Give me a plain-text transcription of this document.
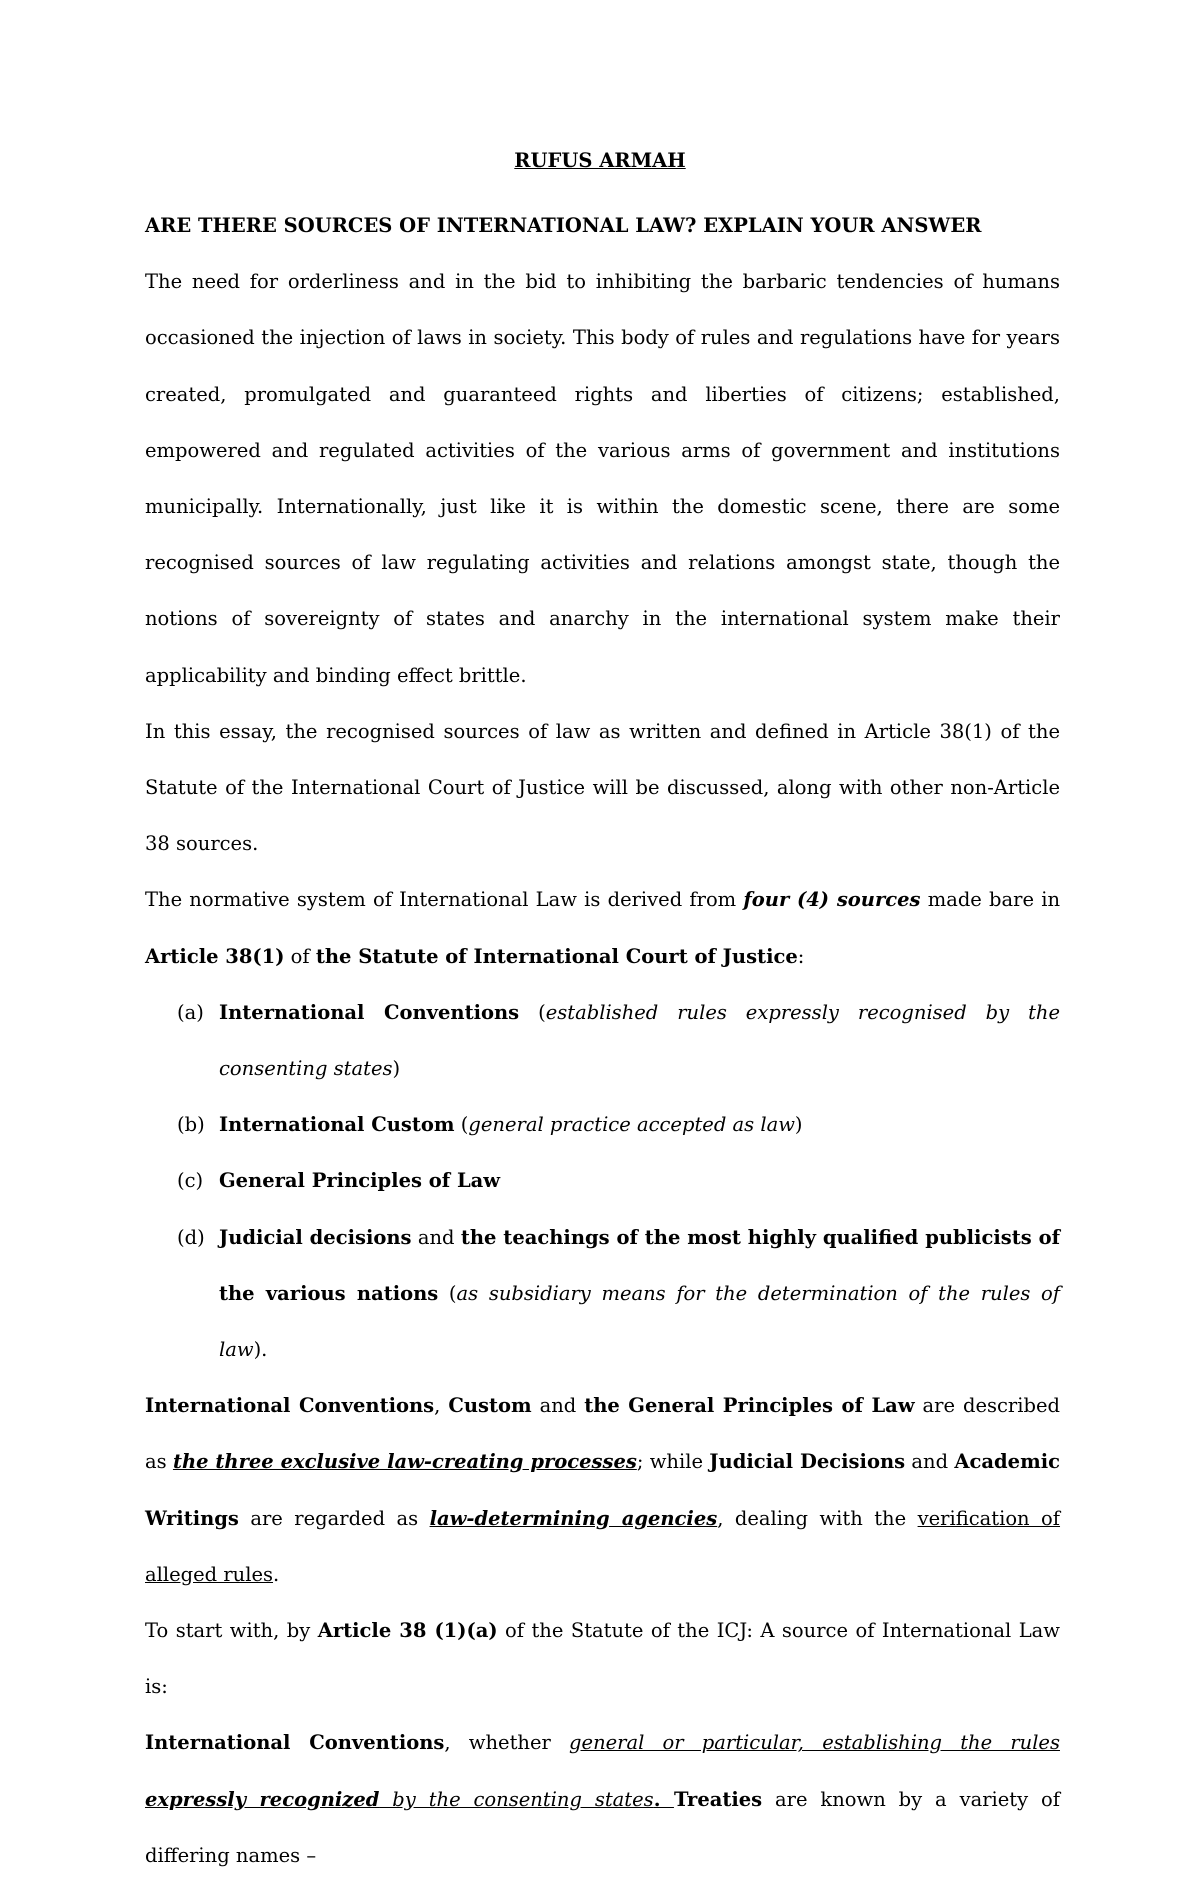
RUFUS ARMAH

ARE THERE SOURCES OF INTERNATIONAL LAW? EXPLAIN YOUR ANSWER

The need for orderliness and in the bid to inhibiting the barbaric tendencies of humans occasioned the injection of laws in society. This body of rules and regulations have for years created, promulgated and guaranteed rights and liberties of citizens; established, empowered and regulated activities of the various arms of government and institutions municipally. Internationally, just like it is within the domestic scene, there are some recognised sources of law regulating activities and relations amongst state, though the notions of sovereignty of states and anarchy in the international system make their applicability and binding effect brittle.

In this essay, the recognised sources of law as written and defined in Article 38(1) of the Statute of the International Court of Justice will be discussed, along with other non-Article 38 sources.

The normative system of International Law is derived from four (4) sources made bare in Article 38(1) of the Statute of International Court of Justice:

(a) International Conventions (established rules expressly recognised by the consenting states)
(b) International Custom (general practice accepted as law)
(c) General Principles of Law
(d) Judicial decisions and the teachings of the most highly qualified publicists of the various nations (as subsidiary means for the determination of the rules of law).

International Conventions, Custom and the General Principles of Law are described as the three exclusive law-creating processes; while Judicial Decisions and Academic Writings are regarded as law-determining agencies, dealing with the verification of alleged rules.

To start with, by Article 38 (1)(a) of the Statute of the ICJ: A source of International Law is:

International Conventions, whether general or particular, establishing the rules expressly recognized by the consenting states. Treaties are known by a variety of differing names –
